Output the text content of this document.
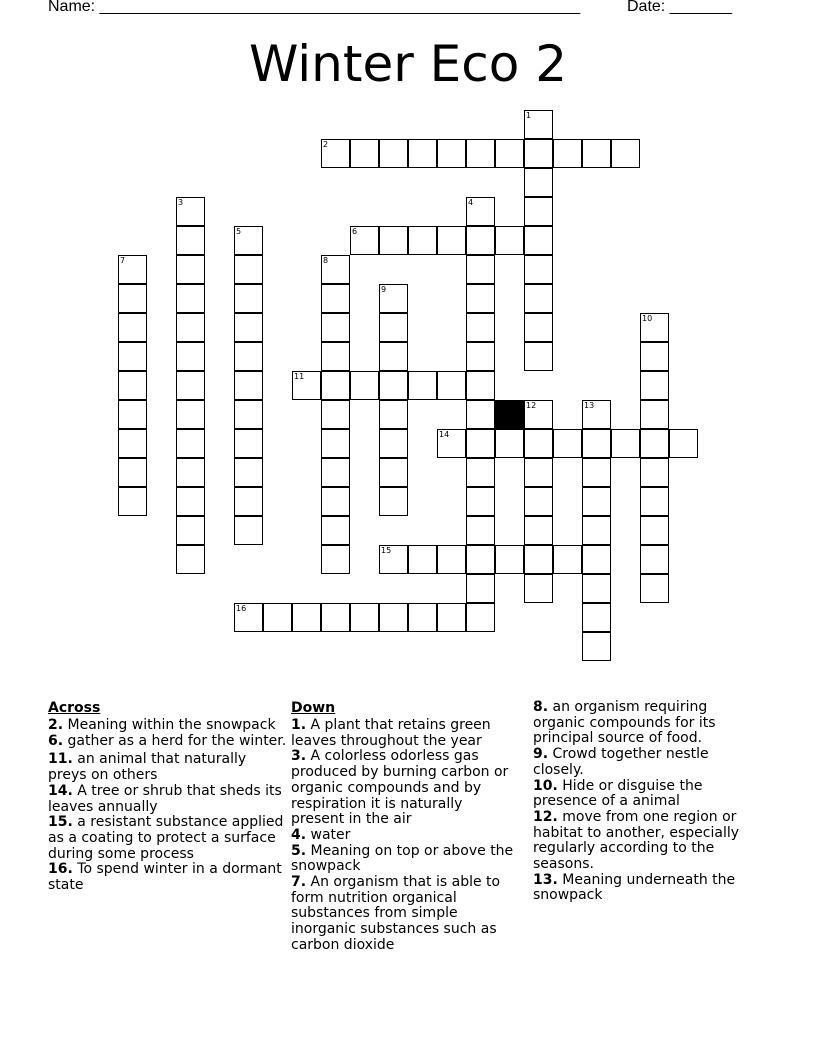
Name: ______________________________________________________	Date: _______
Winter Eco 2
1
2
3	4
5	6
7	8
9
10
11
12	13
14
15
16
Across
2. Meaning within the snowpack
6. gather as a herd for the winter.
11. an animal that naturally preys on others
14. A tree or shrub that sheds its leaves annually
15. a resistant substance applied as a coating to protect a surface during some process
16. To spend winter in a dormant state
Down
1. A plant that retains green leaves throughout the year
3. A colorless odorless gas produced by burning carbon or organic compounds and by respiration it is naturally present in the air
4. water
5. Meaning on top or above the snowpack
7. An organism that is able to form nutrition organical substances from simple inorganic substances such as carbon dioxide
8. an organism requiring organic compounds for its principal source of food.
9. Crowd together nestle closely.
10. Hide or disguise the presence of a animal
12. move from one region or habitat to another, especially regularly according to the seasons.
13. Meaning underneath the snowpack
